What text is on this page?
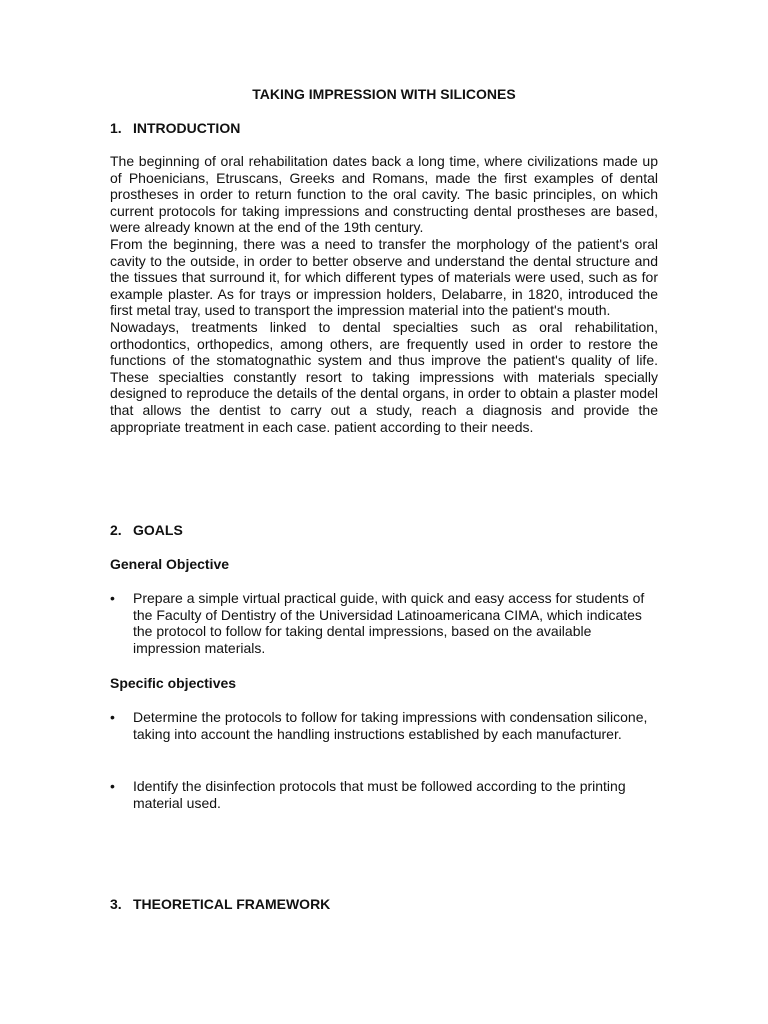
TAKING IMPRESSION WITH SILICONES
1. INTRODUCTION

The beginning of oral rehabilitation dates back a long time, where civilizations made up of Phoenicians, Etruscans, Greeks and Romans, made the first examples of dental prostheses in order to return function to the oral cavity. The basic principles, on which current protocols for taking impressions and constructing dental prostheses are based, were already known at the end of the 19th century.

From the beginning, there was a need to transfer the morphology of the patient's oral cavity to the outside, in order to better observe and understand the dental structure and the tissues that surround it, for which different types of materials were used, such as for example plaster. As for trays or impression holders, Delabarre, in 1820, introduced the first metal tray, used to transport the impression material into the patient's mouth.

Nowadays, treatments linked to dental specialties such as oral rehabilitation, orthodontics, orthopedics, among others, are frequently used in order to restore the functions of the stomatognathic system and thus improve the patient's quality of life. These specialties constantly resort to taking impressions with materials specially designed to reproduce the details of the dental organs, in order to obtain a plaster model that allows the dentist to carry out a study, reach a diagnosis and provide the appropriate treatment in each case. patient according to their needs.

2. GOALS
General Objective
• Prepare a simple virtual practical guide, with quick and easy access for students of the Faculty of Dentistry of the Universidad Latinoamericana CIMA, which indicates the protocol to follow for taking dental impressions, based on the available impression materials.
Specific objectives
• Determine the protocols to follow for taking impressions with condensation silicone, taking into account the handling instructions established by each manufacturer.
• Identify the disinfection protocols that must be followed according to the printing material used.
3. THEORETICAL FRAMEWORK
